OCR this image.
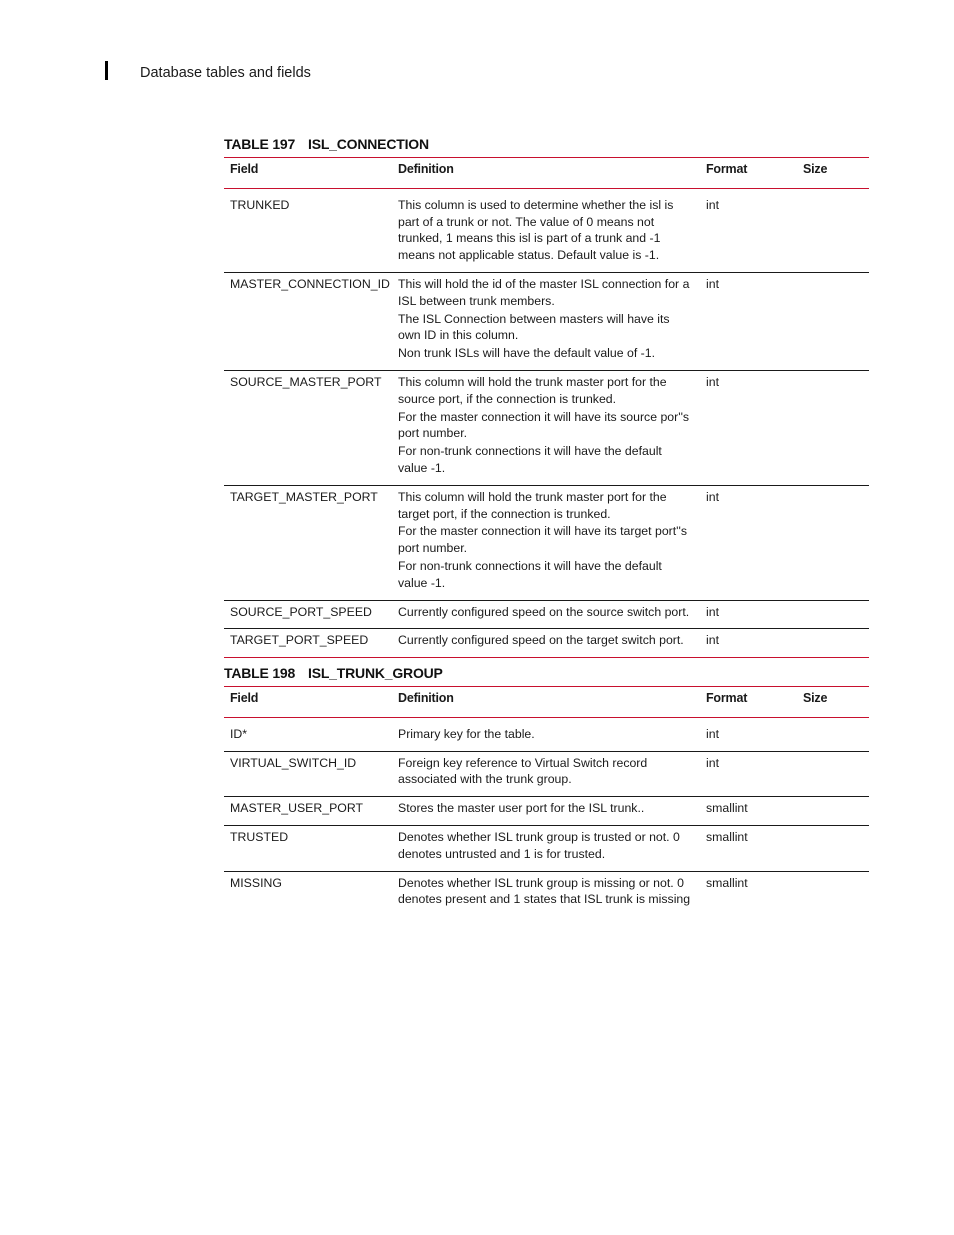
Database tables and fields
TABLE 197 ISL_CONNECTION
Field	Definition	Format	Size
TRUNKED	This column is used to determine whether the isl is part of a trunk or not. The value of 0 means not trunked, 1 means this isl is part of a trunk and -1 means not applicable status. Default value is -1.	int	
MASTER_CONNECTION_ID	This will hold the id of the master ISL connection for a ISL between trunk members.
The ISL Connection between masters will have its own ID in this column.
Non trunk ISLs will have the default value of -1.	int	
SOURCE_MASTER_PORT	This column will hold the trunk master port for the source port, if the connection is trunked.
For the master connection it will have its source por''s port number.
For non-trunk connections it will have the default value -1.	int	
TARGET_MASTER_PORT	This column will hold the trunk master port for the target port, if the connection is trunked.
For the master connection it will have its target port''s port number.
For non-trunk connections it will have the default value -1.	int	
SOURCE_PORT_SPEED	Currently configured speed on the source switch port.	int	
TARGET_PORT_SPEED	Currently configured speed on the target switch port.	int	
TABLE 198 ISL_TRUNK_GROUP
Field	Definition	Format	Size
ID*	Primary key for the table.	int	
VIRTUAL_SWITCH_ID	Foreign key reference to Virtual Switch record associated with the trunk group.	int	
MASTER_USER_PORT	Stores the master user port for the ISL trunk..	smallint	
TRUSTED	Denotes whether ISL trunk group is trusted or not. 0 denotes untrusted and 1 is for trusted.	smallint	
MISSING	Denotes whether ISL trunk group is missing or not. 0 denotes present and 1 states that ISL trunk is missing	smallint	
